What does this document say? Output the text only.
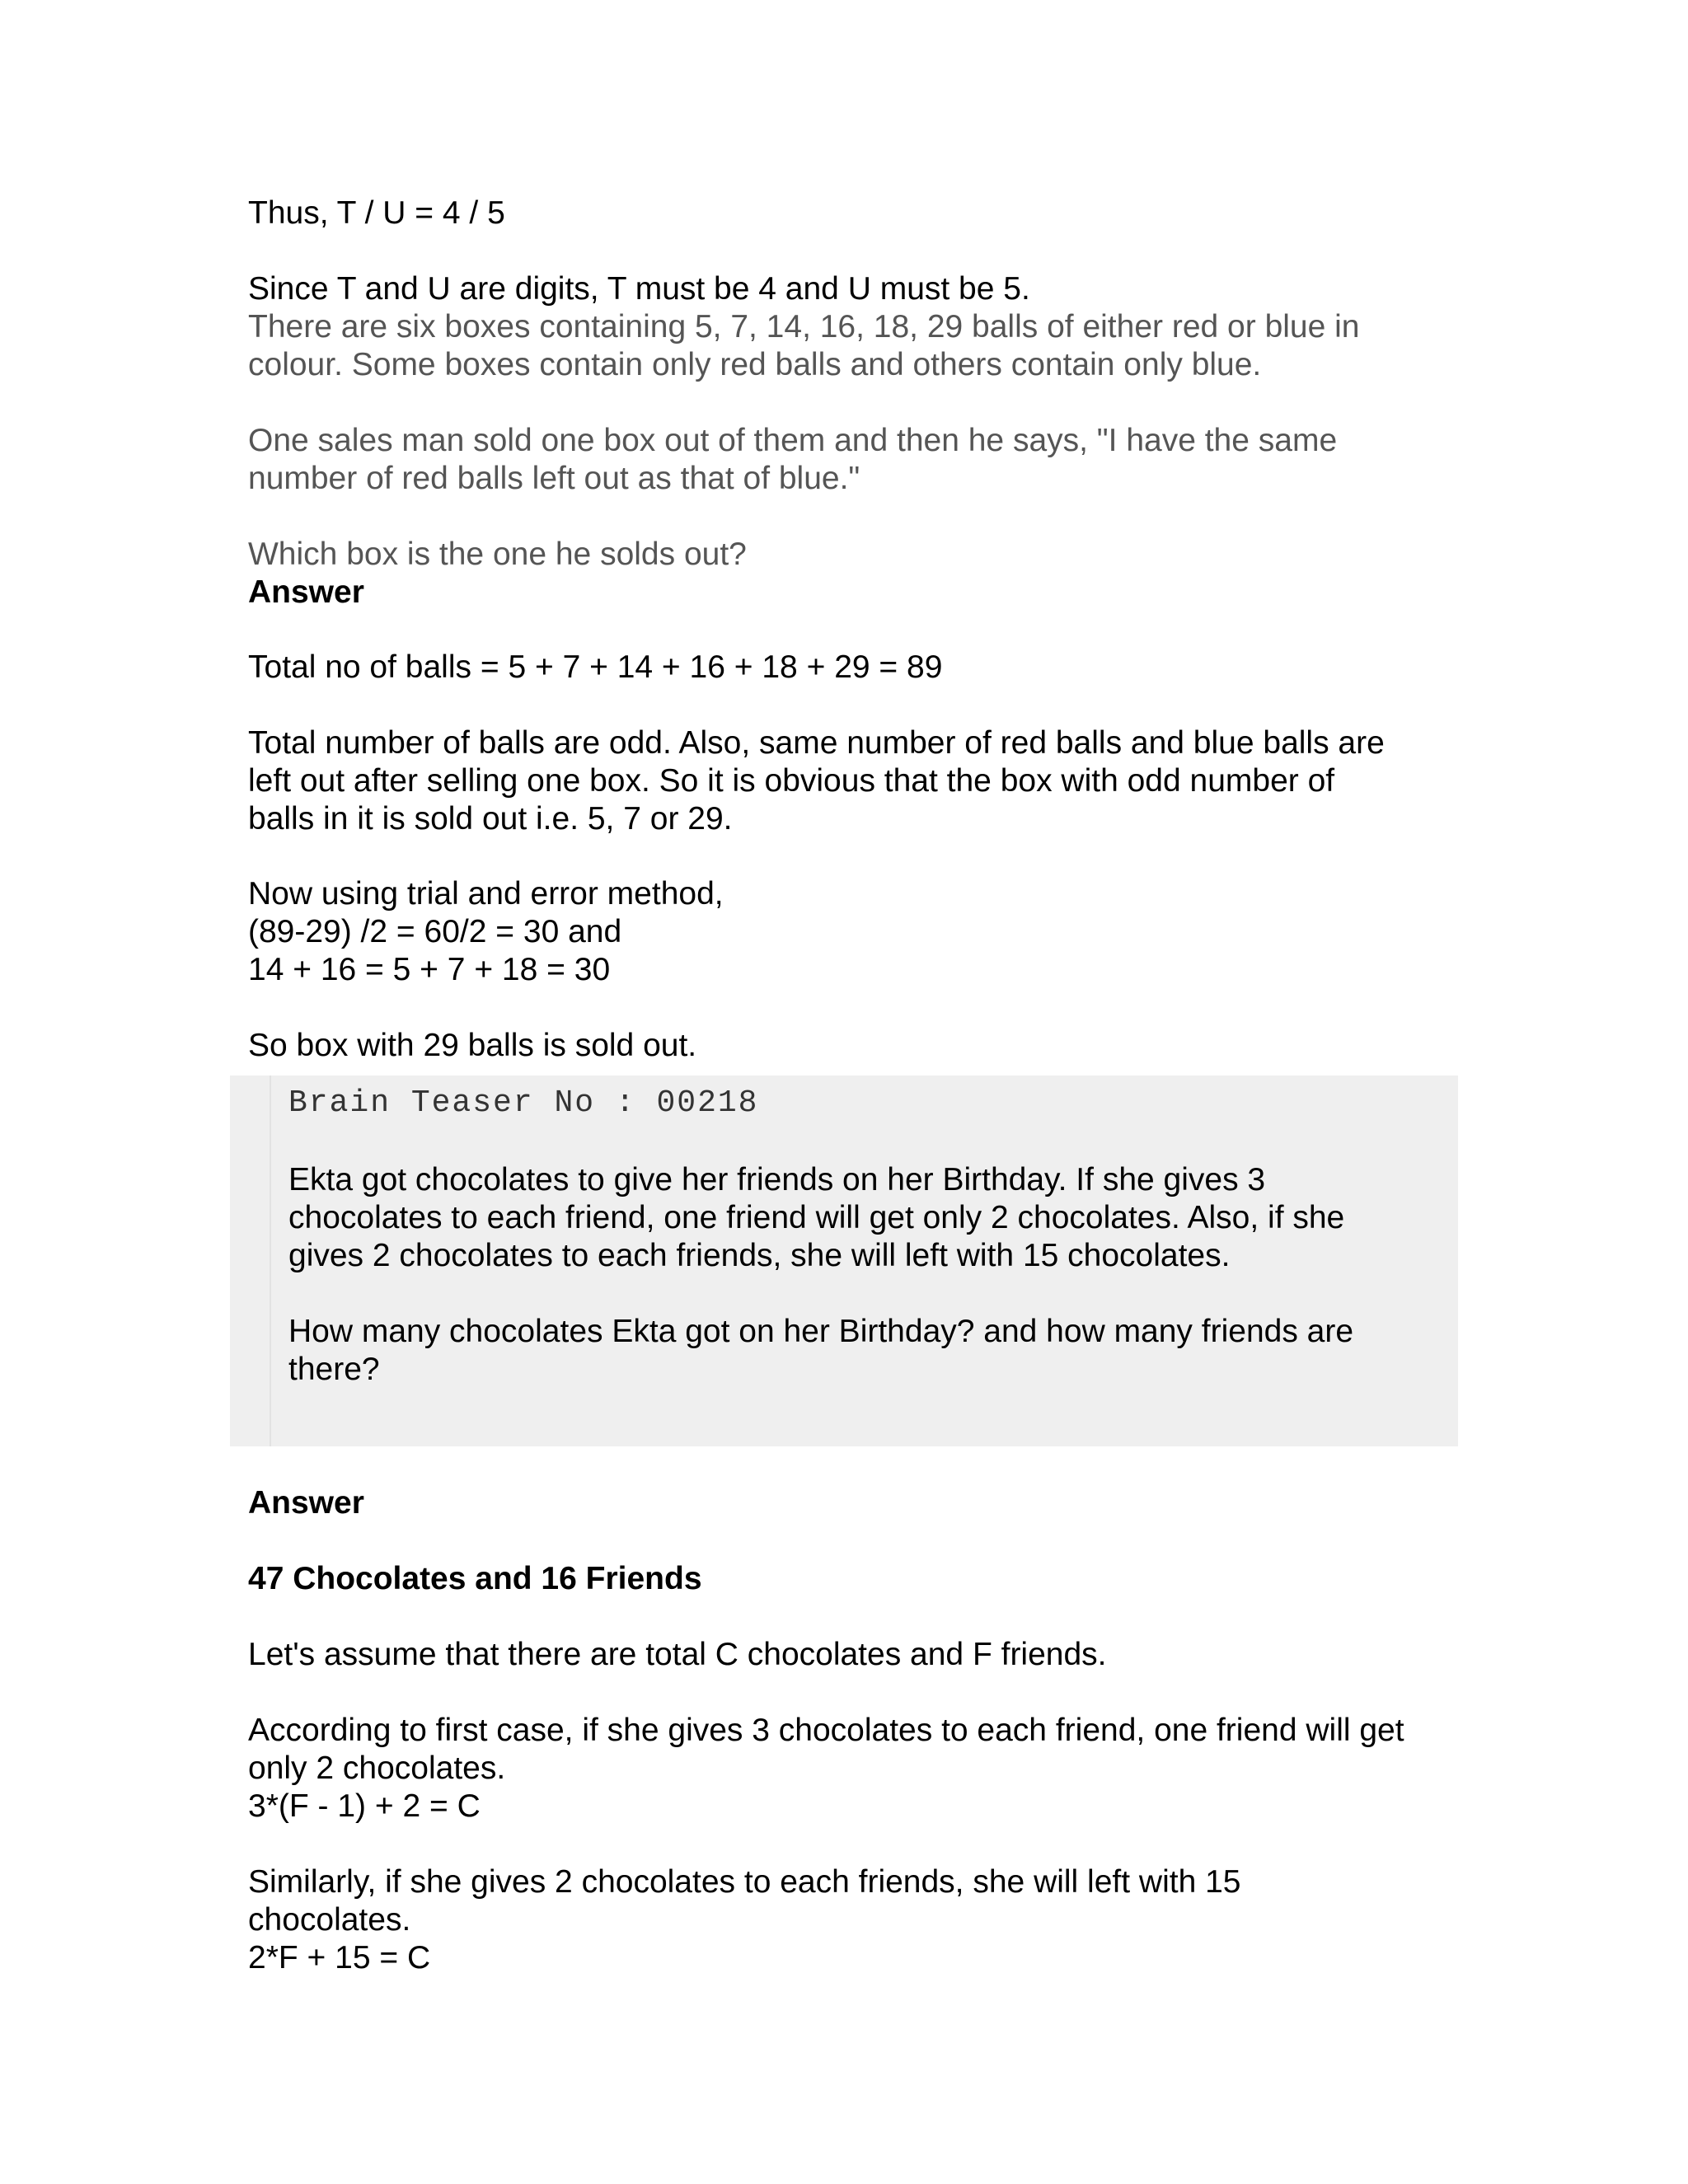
Thus, T / U = 4 / 5

Since T and U are digits, T must be 4 and U must be 5.

There are six boxes containing 5, 7, 14, 16, 18, 29 balls of either red or blue in
colour. Some boxes contain only red balls and others contain only blue.

One sales man sold one box out of them and then he says, "I have the same
number of red balls left out as that of blue."

Which box is the one he solds out?

Answer

Total no of balls = 5 + 7 + 14 + 16 + 18 + 29 = 89

Total number of balls are odd. Also, same number of red balls and blue balls are
left out after selling one box. So it is obvious that the box with odd number of
balls in it is sold out i.e. 5, 7 or 29.

Now using trial and error method,
(89-29) /2 = 60/2 = 30 and
14 + 16 = 5 + 7 + 18 = 30

So box with 29 balls is sold out.

Brain Teaser No : 00218

Ekta got chocolates to give her friends on her Birthday. If she gives 3
chocolates to each friend, one friend will get only 2 chocolates. Also, if she
gives 2 chocolates to each friends, she will left with 15 chocolates.

How many chocolates Ekta got on her Birthday? and how many friends are
there?

Answer

47 Chocolates and 16 Friends

Let's assume that there are total C chocolates and F friends.

According to first case, if she gives 3 chocolates to each friend, one friend will get
only 2 chocolates.
3*(F - 1) + 2 = C

Similarly, if she gives 2 chocolates to each friends, she will left with 15
chocolates.
2*F + 15 = C
